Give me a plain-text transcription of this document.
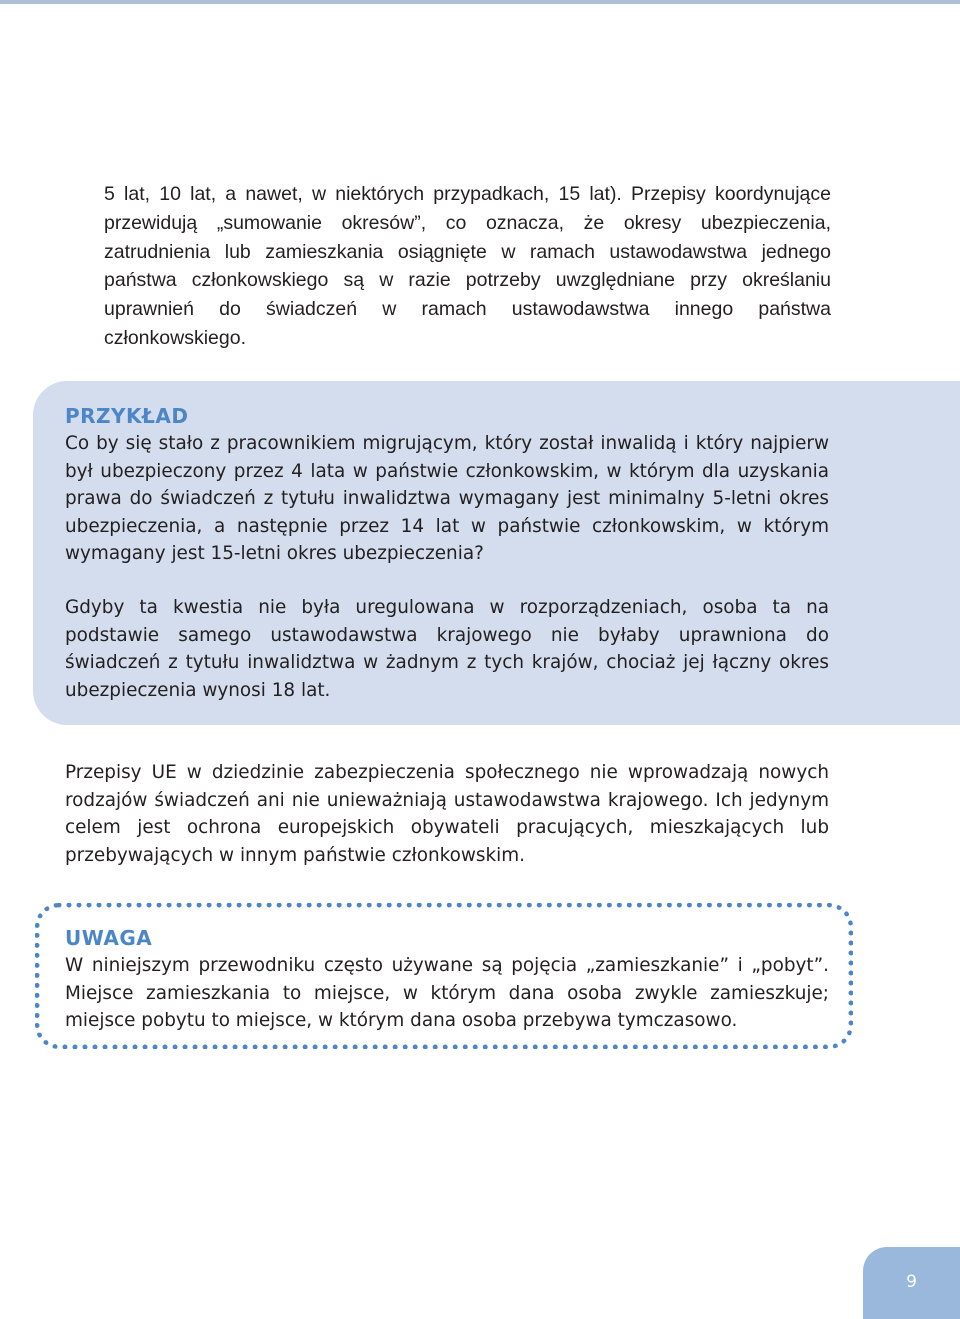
5 lat, 10 lat, a nawet, w niektórych przypadkach, 15 lat). Przepisy koordynujące przewidują „sumowanie okresów”, co oznacza, że okresy ubezpieczenia, zatrudnienia lub zamieszkania osiągnięte w ramach ustawodawstwa jednego państwa członkowskiego są w razie potrzeby uwzględniane przy określaniu uprawnień do świadczeń w ramach ustawodawstwa innego państwa członkowskiego.

PRZYKŁAD

Co by się stało z pracownikiem migrującym, który został inwalidą i który najpierw był ubezpieczony przez 4 lata w państwie członkowskim, w którym dla uzyskania prawa do świadczeń z tytułu inwalidztwa wymagany jest minimalny 5-letni okres ubezpieczenia, a następnie przez 14 lat w państwie członkowskim, w którym wymagany jest 15-letni okres ubezpieczenia?

Gdyby ta kwestia nie była uregulowana w rozporządzeniach, osoba ta na podstawie samego ustawodawstwa krajowego nie byłaby uprawniona do świadczeń z tytułu inwalidztwa w żadnym z tych krajów, chociaż jej łączny okres ubezpieczenia wynosi 18 lat.

Przepisy UE w dziedzinie zabezpieczenia społecznego nie wprowadzają nowych rodzajów świadczeń ani nie unieważniają ustawodawstwa krajowego. Ich jedynym celem jest ochrona europejskich obywateli pracujących, mieszkających lub przebywających w innym państwie członkowskim.

UWAGA

W niniejszym przewodniku często używane są pojęcia „zamieszkanie” i „pobyt”. Miejsce zamieszkania to miejsce, w którym dana osoba zwykle zamieszkuje; miejsce pobytu to miejsce, w którym dana osoba przebywa tymczasowo.

9
